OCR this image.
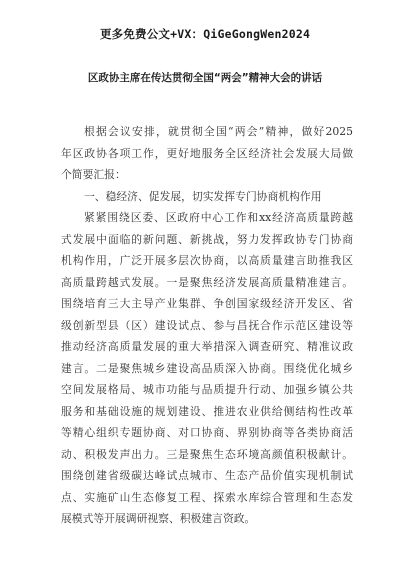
更多免费公文+VX：QiGeGongWen2024
区政协主席在传达贯彻全国“两会”精神大会的讲话
根据会议安排，就贯彻全国“两会”精神，做好2025
年区政协各项工作，更好地服务全区经济社会发展大局做
个简要汇报：
一、稳经济、促发展，切实发挥专门协商机构作用
紧紧围绕区委、区政府中心工作和xx经济高质量跨越
式发展中面临的新问题、新挑战，努力发挥政协专门协商
机构作用，广泛开展多层次协商，以高质量建言助推我区
高质量跨越式发展。一是聚焦经济发展高质量精准建言。
围绕培育三大主导产业集群、争创国家级经济开发区、省
级创新型县（区）建设试点、参与昌抚合作示范区建设等
推动经济高质量发展的重大举措深入调查研究、精准议政
建言。二是聚焦城乡建设高品质深入协商。围绕优化城乡
空间发展格局、城市功能与品质提升行动、加强乡镇公共
服务和基础设施的规划建设、推进农业供给侧结构性改革
等精心组织专题协商、对口协商、界别协商等各类协商活
动、积极发声出力。三是聚焦生态环境高颜值积极献计。
围绕创建省级碳达峰试点城市、生态产品价值实现机制试
点、实施矿山生态修复工程、探索水库综合管理和生态发
展模式等开展调研视察、积极建言资政。
